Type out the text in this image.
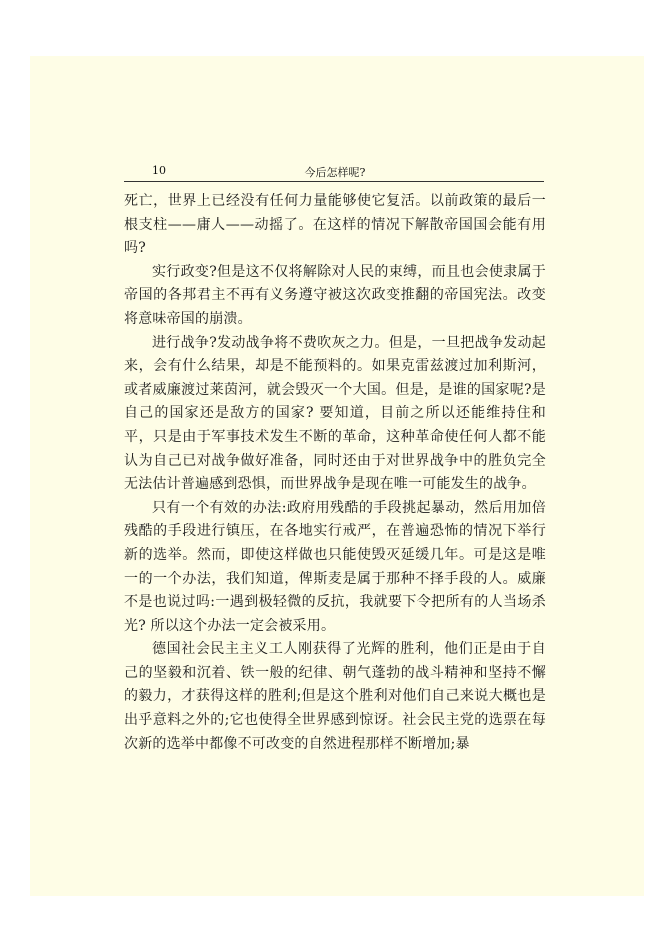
10	今后怎样呢?

死亡，世界上已经没有任何力量能够使它复活。以前政策的最后一根支柱——庸人——动摇了。在这样的情况下解散帝国国会能有用吗?

实行政变?但是这不仅将解除对人民的束缚，而且也会使隶属于帝国的各邦君主不再有义务遵守被这次政变推翻的帝国宪法。改变将意味帝国的崩溃。

进行战争?发动战争将不费吹灰之力。但是，一旦把战争发动起来，会有什么结果，却是不能预料的。如果克雷兹渡过加利斯河，或者威廉渡过莱茵河，就会毁灭一个大国。但是，是谁的国家呢?是自己的国家还是敌方的国家? 要知道，目前之所以还能维持住和平，只是由于军事技术发生不断的革命，这种革命使任何人都不能认为自己已对战争做好准备，同时还由于对世界战争中的胜负完全无法估计普遍感到恐惧，而世界战争是现在唯一可能发生的战争。

只有一个有效的办法:政府用残酷的手段挑起暴动，然后用加倍残酷的手段进行镇压，在各地实行戒严，在普遍恐怖的情况下举行新的选举。然而，即使这样做也只能使毁灭延缓几年。可是这是唯一的一个办法，我们知道，俾斯麦是属于那种不择手段的人。威廉不是也说过吗:一遇到极轻微的反抗，我就要下令把所有的人当场杀光? 所以这个办法一定会被采用。

德国社会民主主义工人刚获得了光辉的胜利，他们正是由于自己的坚毅和沉着、铁一般的纪律、朝气蓬勃的战斗精神和坚持不懈的毅力，才获得这样的胜利;但是这个胜利对他们自己来说大概也是出乎意料之外的;它也使得全世界感到惊讶。社会民主党的选票在每次新的选举中都像不可改变的自然进程那样不断增加;暴
